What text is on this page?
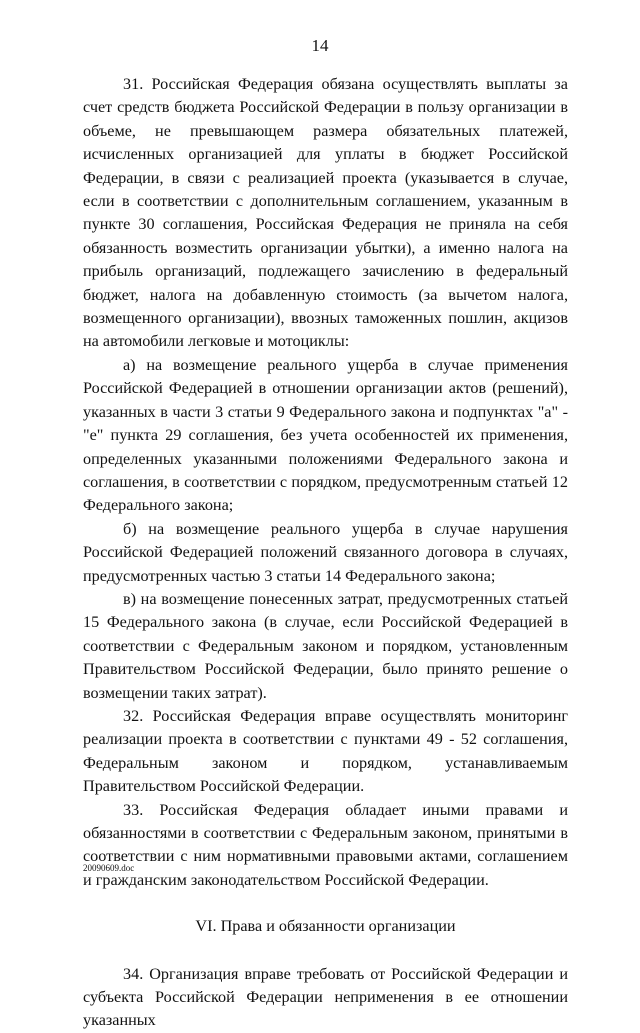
14

31. Российская Федерация обязана осуществлять выплаты за счет средств бюджета Российской Федерации в пользу организации в объеме, не превышающем размера обязательных платежей, исчисленных организацией для уплаты в бюджет Российской Федерации, в связи с реализацией проекта (указывается в случае, если в соответствии с дополнительным соглашением, указанным в пункте 30 соглашения, Российская Федерация не приняла на себя обязанность возместить организации убытки), а именно налога на прибыль организаций, подлежащего зачислению в федеральный бюджет, налога на добавленную стоимость (за вычетом налога, возмещенного организации), ввозных таможенных пошлин, акцизов на автомобили легковые и мотоциклы:

а) на возмещение реального ущерба в случае применения Российской Федерацией в отношении организации актов (решений), указанных в части 3 статьи 9 Федерального закона и подпунктах "а" - "е" пункта 29 соглашения, без учета особенностей их применения, определенных указанными положениями Федерального закона и соглашения, в соответствии с порядком, предусмотренным статьей 12 Федерального закона;

б) на возмещение реального ущерба в случае нарушения Российской Федерацией положений связанного договора в случаях, предусмотренных частью 3 статьи 14 Федерального закона;

в) на возмещение понесенных затрат, предусмотренных статьей 15 Федерального закона (в случае, если Российской Федерацией в соответствии с Федеральным законом и порядком, установленным Правительством Российской Федерации, было принято решение о возмещении таких затрат).

32. Российская Федерация вправе осуществлять мониторинг реализации проекта в соответствии с пунктами 49 - 52 соглашения, Федеральным законом и порядком, устанавливаемым Правительством Российской Федерации.

33. Российская Федерация обладает иными правами и обязанностями в соответствии с Федеральным законом, принятыми в соответствии с ним нормативными правовыми актами, соглашением и гражданским законодательством Российской Федерации.

VI. Права и обязанности организации

34. Организация вправе требовать от Российской Федерации и субъекта Российской Федерации неприменения в ее отношении указанных

20090609.doc
